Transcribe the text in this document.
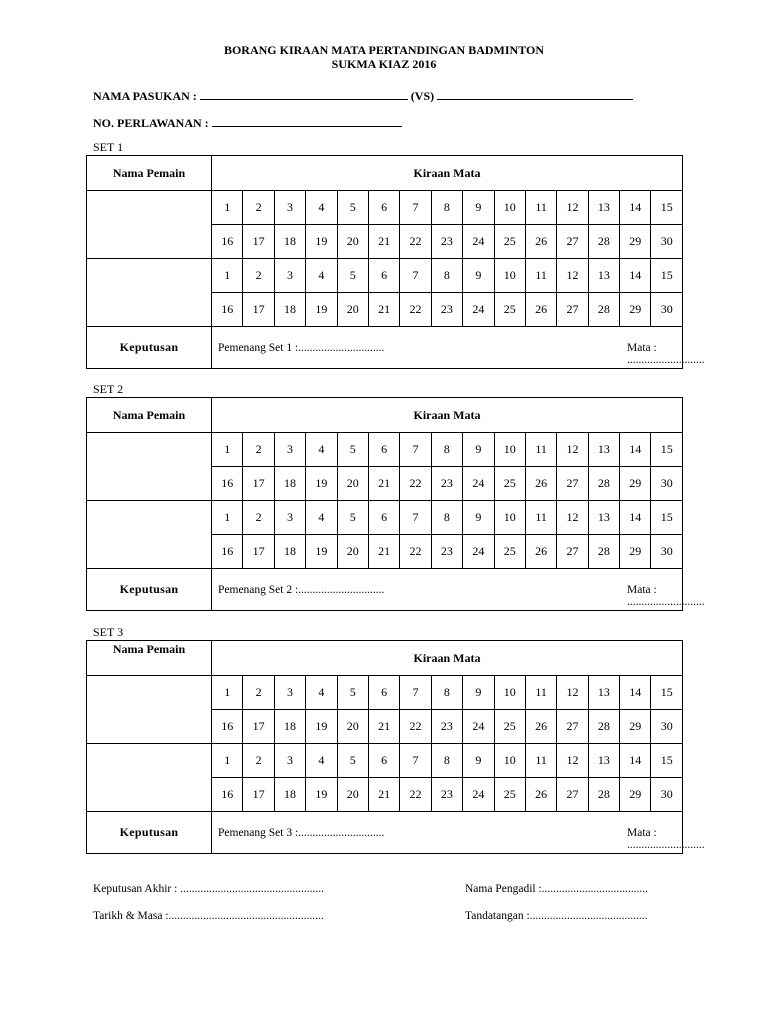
BORANG KIRAAN MATA PERTANDINGAN BADMINTON
SUKMA KIAZ 2016
NAMA PASUKAN :	(VS)
NO. PERLAWANAN :
SET 1
Nama Pemain	Kiraan Mata														
	1	2	3	4	5	6	7	8	9	10	11	12	13	14	15
	16	17	18	19	20	21	22	23	24	25	26	27	28	29	30
	1	2	3	4	5	6	7	8	9	10	11	12	13	14	15
	16	17	18	19	20	21	22	23	24	25	26	27	28	29	30
Keputusan	Pemenang Set 1 :.............................. Mata : ...........................														
SET 2
Nama Pemain	Kiraan Mata														
	1	2	3	4	5	6	7	8	9	10	11	12	13	14	15
	16	17	18	19	20	21	22	23	24	25	26	27	28	29	30
	1	2	3	4	5	6	7	8	9	10	11	12	13	14	15
	16	17	18	19	20	21	22	23	24	25	26	27	28	29	30
Keputusan	Pemenang Set 2 :.............................. Mata : ...........................														
SET 3
Nama Pemain	Kiraan Mata														
	1	2	3	4	5	6	7	8	9	10	11	12	13	14	15
	16	17	18	19	20	21	22	23	24	25	26	27	28	29	30
	1	2	3	4	5	6	7	8	9	10	11	12	13	14	15
	16	17	18	19	20	21	22	23	24	25	26	27	28	29	30
Keputusan	Pemenang Set 3 :.............................. Mata : ...........................														
Keputusan Akhir : ..................................................	Nama Pengadil :.....................................
Tarikh & Masa :......................................................	Tandatangan :.........................................
